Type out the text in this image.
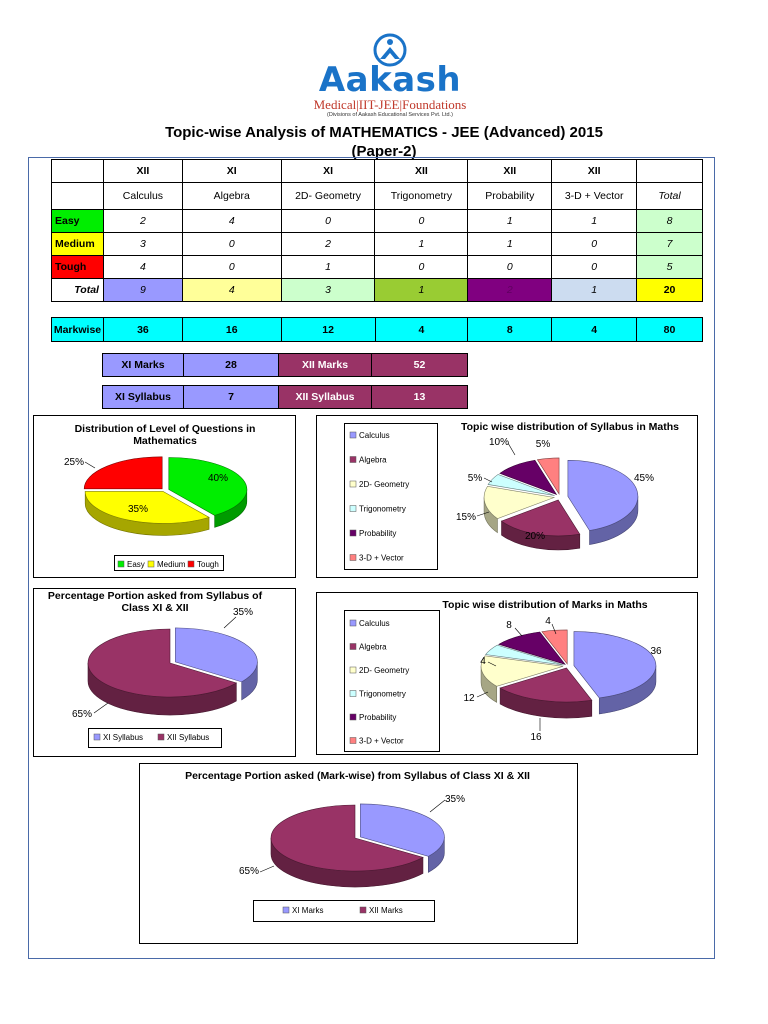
Aakash
Medical|IIT-JEE|Foundations
(Divisions of Aakash Educational Services Pvt. Ltd.)
Topic-wise Analysis of MATHEMATICS - JEE (Advanced) 2015
(Paper-2)
	XII	XI	XI	XII	XII	XII	
	Calculus	Algebra	2D- Geometry	Trigonometry	Probability	3-D + Vector	Total
Easy	2	4	0	0	1	1	8
Medium	3	0	2	1	1	0	7
Tough	4	0	1	0	0	0	5
Total	9	4	3	1	2	1	20
Markwise	36	16	12	4	8	4	80
XI Marks	28	XII Marks	52
XI Syllabus	7	XII Syllabus	13
Distribution of Level of Questions in Mathematics
Topic wise distribution of Syllabus in Maths
Percentage Portion asked from Syllabus of Class XI & XII	Topic wise distribution of Marks in Maths
Percentage Portion asked (Mark-wise) from Syllabus of Class XI & XII
40%
35%
25%
Easy Medium Tough
45%
20%
15%
5%
10%	5%
Calculus
Algebra
2D- Geometry
Trigonometry
Probability
3-D + Vector
35%
65%
XI Syllabus	XII Syllabus
36
16
12
4
8	4
Calculus
Algebra
2D- Geometry
Trigonometry
Probability
3-D + Vector
35%
65%
XI Marks	XII Marks
